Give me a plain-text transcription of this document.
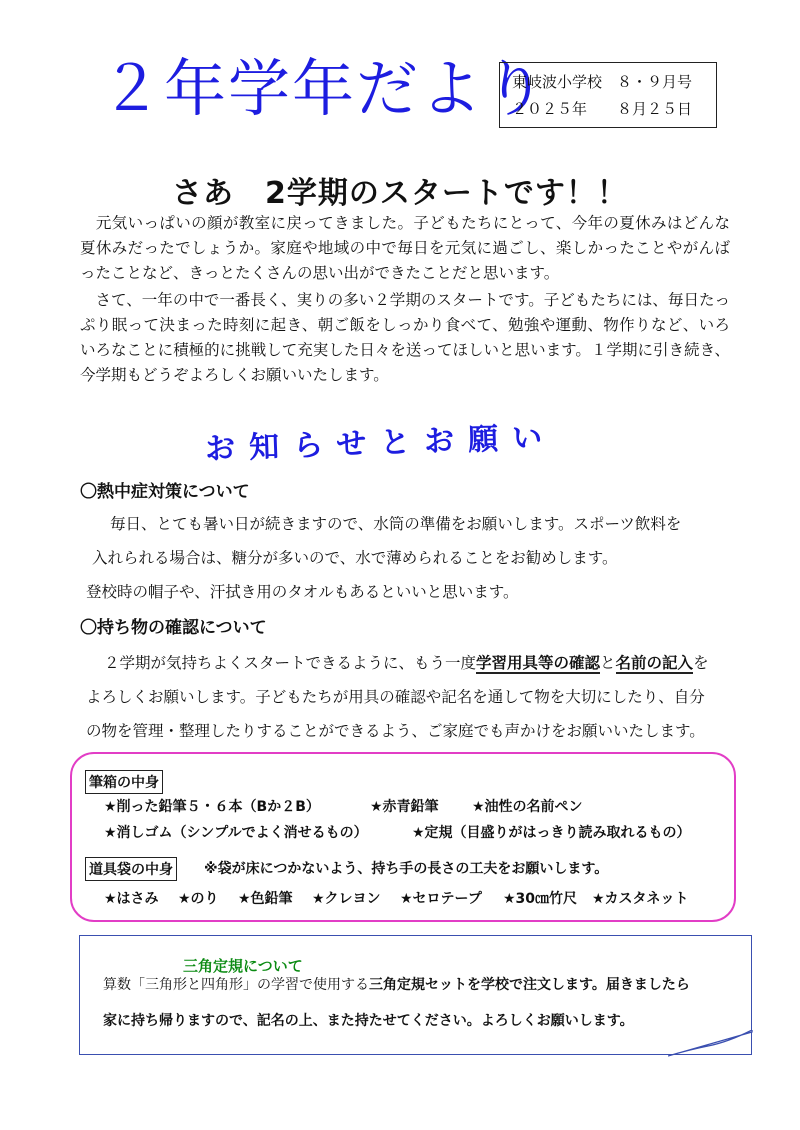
２年学年だより
東岐波小学校　８・９月号
２０２５年　　８月２５日
さあ　2学期のスタートです！！
　元気いっぱいの顔が教室に戻ってきました。子どもたちにとって、今年の夏休みはどんな夏休みだったでしょうか。家庭や地域の中で毎日を元気に過ごし、楽しかったことやがんばったことなど、きっとたくさんの思い出ができたことだと思います。
　さて、一年の中で一番長く、実りの多い２学期のスタートです。子どもたちには、毎日たっぷり眠って決まった時刻に起き、朝ご飯をしっかり食べて、勉強や運動、物作りなど、いろいろなことに積極的に挑戦して充実した日々を送ってほしいと思います。１学期に引き続き、今学期もどうぞよろしくお願いいたします。
お知らせとお願い
〇熱中症対策について
毎日、とても暑い日が続きますので、水筒の準備をお願いします。スポーツ飲料を
入れられる場合は、糖分が多いので、水で薄められることをお勧めします。
登校時の帽子や、汗拭き用のタオルもあるといいと思います。
〇持ち物の確認について
２学期が気持ちよくスタートできるように、もう一度学習用具等の確認と名前の記入を
よろしくお願いします。子どもたちが用具の確認や記名を通して物を大切にしたり、自分
の物を管理・整理したりすることができるよう、ご家庭でも声かけをお願いいたします。
筆箱の中身
★削った鉛筆５・６本（Bか２B）	★赤青鉛筆 ★油性の名前ペン
★消しゴム（シンプルでよく消せるもの）	★定規（目盛りがはっきり読み取れるもの）
道具袋の中身 ※袋が床につかないよう、持ち手の長さの工夫をお願いします。
★はさみ ★のり ★色鉛筆 ★クレヨン ★セロテープ ★30㎝竹尺 ★カスタネット
三角定規について
算数「三角形と四角形」の学習で使用する三角定規セットを学校で注文します。届きましたら
家に持ち帰りますので、記名の上、また持たせてください。よろしくお願いします。
